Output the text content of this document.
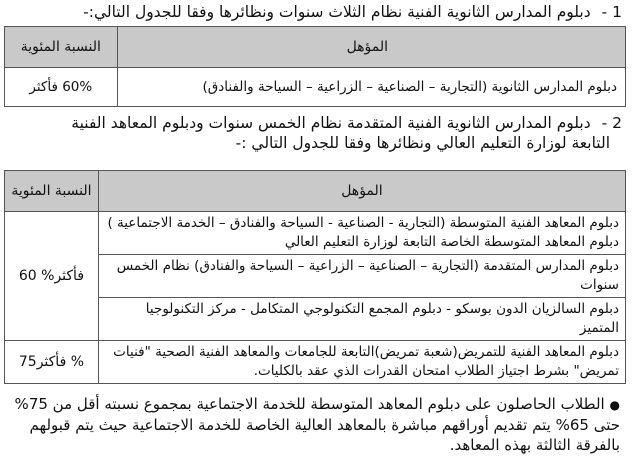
1 - دبلوم المدارس الثانوية الفنية نظام الثلاث سنوات ونظائرها وفقا للجدول التالي:-
المؤهل	النسبة المئوية
دبلوم المدارس الثانوية (التجارية – الصناعية – الزراعية – السياحة والفنادق)	60% فأكثر
2 - دبلوم المدارس الثانوية الفنية المتقدمة نظام الخمس سنوات ودبلوم المعاهد الفنية
التابعة لوزارة التعليم العالي ونظائرها وفقا للجدول التالي :-
المؤهل	النسبة المئوية
دبلوم المعاهد الفنية المتوسطة (التجارية - الصن‍اعية - السياحة والفنادق – الخدمة الاجتماعية ) دبلوم المعاهد المتوسطة الخاصة التابعة لوزارة التعليم العالي	فأكثر% 60
دبلوم المدارس المتقدمة (التجارية – الصناعية – الزراعية – السياحة والفنادق) نظام الخمس سنوات	
دبلوم السالزيان الدون بوسكو - دبلوم المجمع التكنولوجي المتكامل - مركز التكنولوجيا المتميز	
دبلوم المعاهد الفنية للتمريض(شعبة تمريض)التابعة للجامعات والمعاهد الفنية الصحية "فنيات تمريض" بشرط اجتياز الطلاب امتحان القدرات الذي عقد بالكليات.	% فأكثر75
● الطلاب الحاصلون على دبلوم المعاهد المتوسطة للخدمة الاجتماعية بمجموع نسبته أقل من 75% حتى 65% يتم تقديم أوراقهم مباشرة بالمعاهد العالية الخاصة للخدمة الاجتماعية حيث يتم قبولهم بالفرقة الثالثة بهذه المعاهد.
